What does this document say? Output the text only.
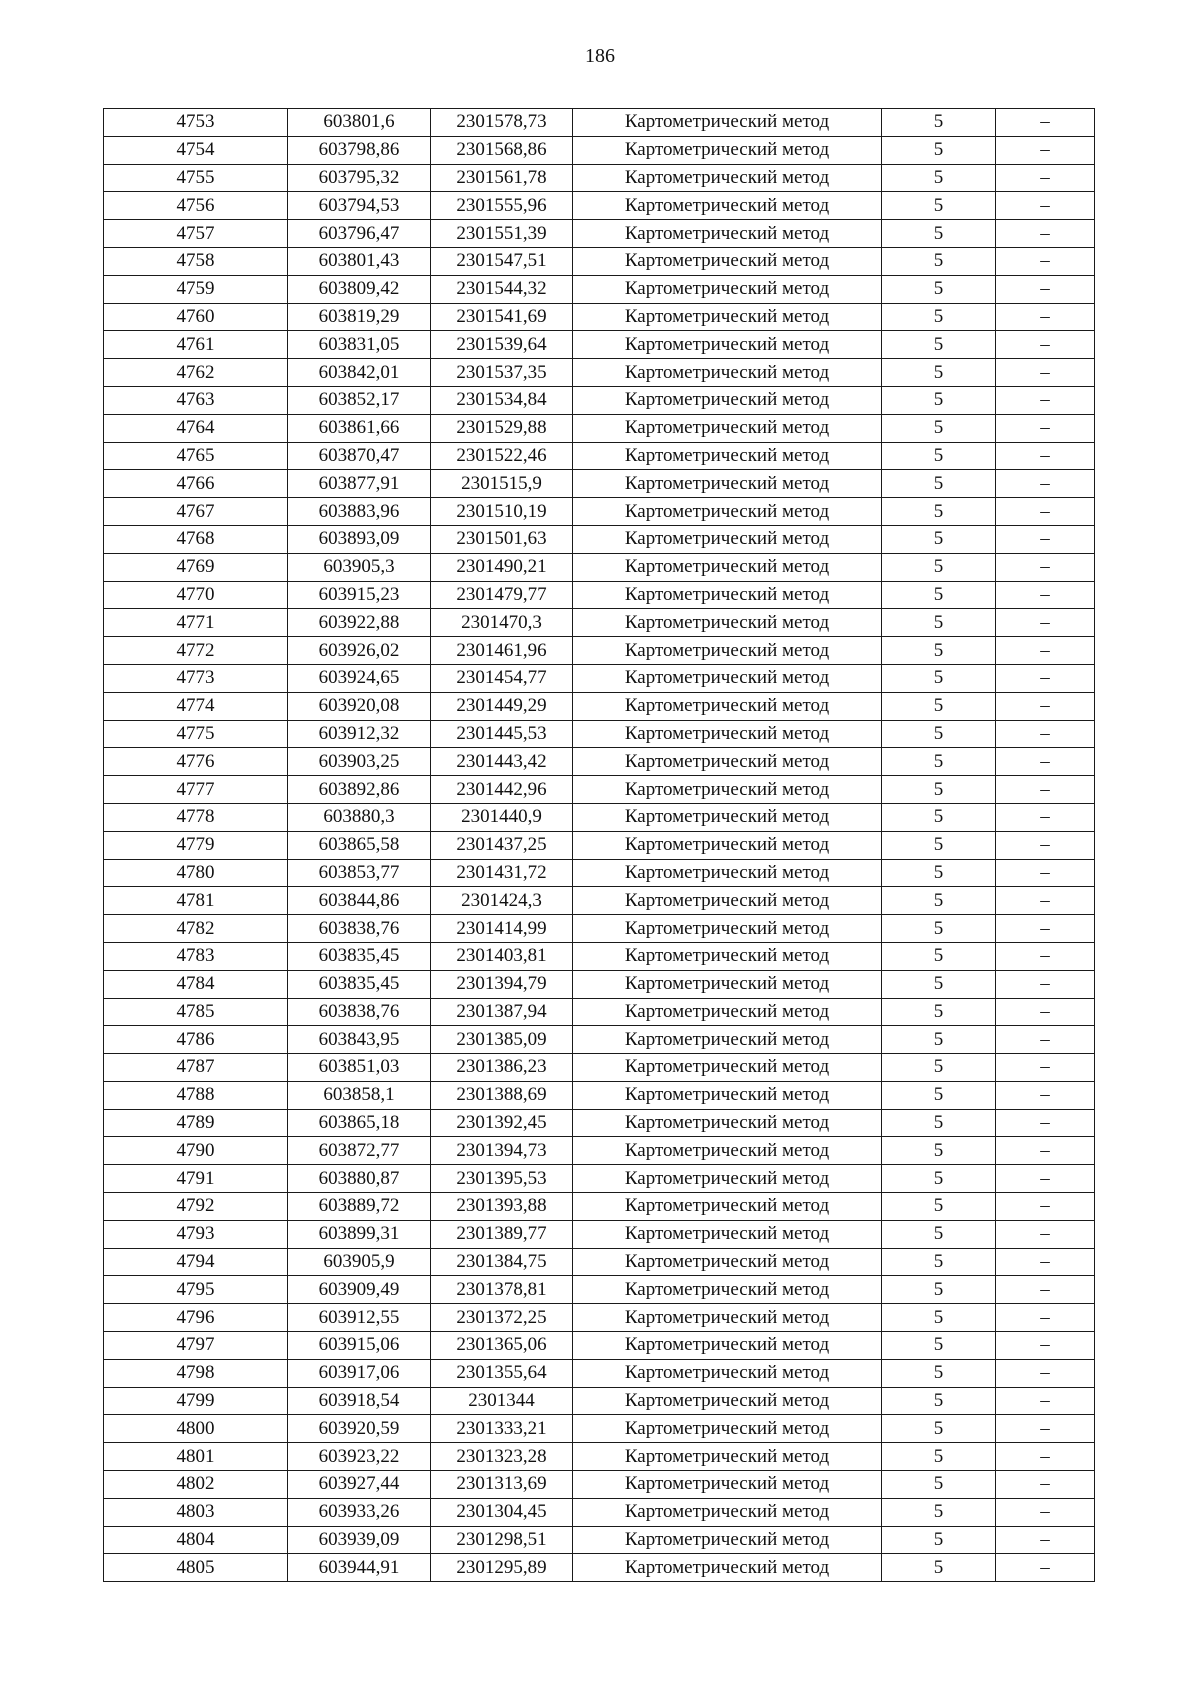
186
4753	603801,6	2301578,73	Картометрический метод	5	–
4754	603798,86	2301568,86	Картометрический метод	5	–
4755	603795,32	2301561,78	Картометрический метод	5	–
4756	603794,53	2301555,96	Картометрический метод	5	–
4757	603796,47	2301551,39	Картометрический метод	5	–
4758	603801,43	2301547,51	Картометрический метод	5	–
4759	603809,42	2301544,32	Картометрический метод	5	–
4760	603819,29	2301541,69	Картометрический метод	5	–
4761	603831,05	2301539,64	Картометрический метод	5	–
4762	603842,01	2301537,35	Картометрический метод	5	–
4763	603852,17	2301534,84	Картометрический метод	5	–
4764	603861,66	2301529,88	Картометрический метод	5	–
4765	603870,47	2301522,46	Картометрический метод	5	–
4766	603877,91	2301515,9	Картометрический метод	5	–
4767	603883,96	2301510,19	Картометрический метод	5	–
4768	603893,09	2301501,63	Картометрический метод	5	–
4769	603905,3	2301490,21	Картометрический метод	5	–
4770	603915,23	2301479,77	Картометрический метод	5	–
4771	603922,88	2301470,3	Картометрический метод	5	–
4772	603926,02	2301461,96	Картометрический метод	5	–
4773	603924,65	2301454,77	Картометрический метод	5	–
4774	603920,08	2301449,29	Картометрический метод	5	–
4775	603912,32	2301445,53	Картометрический метод	5	–
4776	603903,25	2301443,42	Картометрический метод	5	–
4777	603892,86	2301442,96	Картометрический метод	5	–
4778	603880,3	2301440,9	Картометрический метод	5	–
4779	603865,58	2301437,25	Картометрический метод	5	–
4780	603853,77	2301431,72	Картометрический метод	5	–
4781	603844,86	2301424,3	Картометрический метод	5	–
4782	603838,76	2301414,99	Картометрический метод	5	–
4783	603835,45	2301403,81	Картометрический метод	5	–
4784	603835,45	2301394,79	Картометрический метод	5	–
4785	603838,76	2301387,94	Картометрический метод	5	–
4786	603843,95	2301385,09	Картометрический метод	5	–
4787	603851,03	2301386,23	Картометрический метод	5	–
4788	603858,1	2301388,69	Картометрический метод	5	–
4789	603865,18	2301392,45	Картометрический метод	5	–
4790	603872,77	2301394,73	Картометрический метод	5	–
4791	603880,87	2301395,53	Картометрический метод	5	–
4792	603889,72	2301393,88	Картометрический метод	5	–
4793	603899,31	2301389,77	Картометрический метод	5	–
4794	603905,9	2301384,75	Картометрический метод	5	–
4795	603909,49	2301378,81	Картометрический метод	5	–
4796	603912,55	2301372,25	Картометрический метод	5	–
4797	603915,06	2301365,06	Картометрический метод	5	–
4798	603917,06	2301355,64	Картометрический метод	5	–
4799	603918,54	2301344	Картометрический метод	5	–
4800	603920,59	2301333,21	Картометрический метод	5	–
4801	603923,22	2301323,28	Картометрический метод	5	–
4802	603927,44	2301313,69	Картометрический метод	5	–
4803	603933,26	2301304,45	Картометрический метод	5	–
4804	603939,09	2301298,51	Картометрический метод	5	–
4805	603944,91	2301295,89	Картометрический метод	5	–
